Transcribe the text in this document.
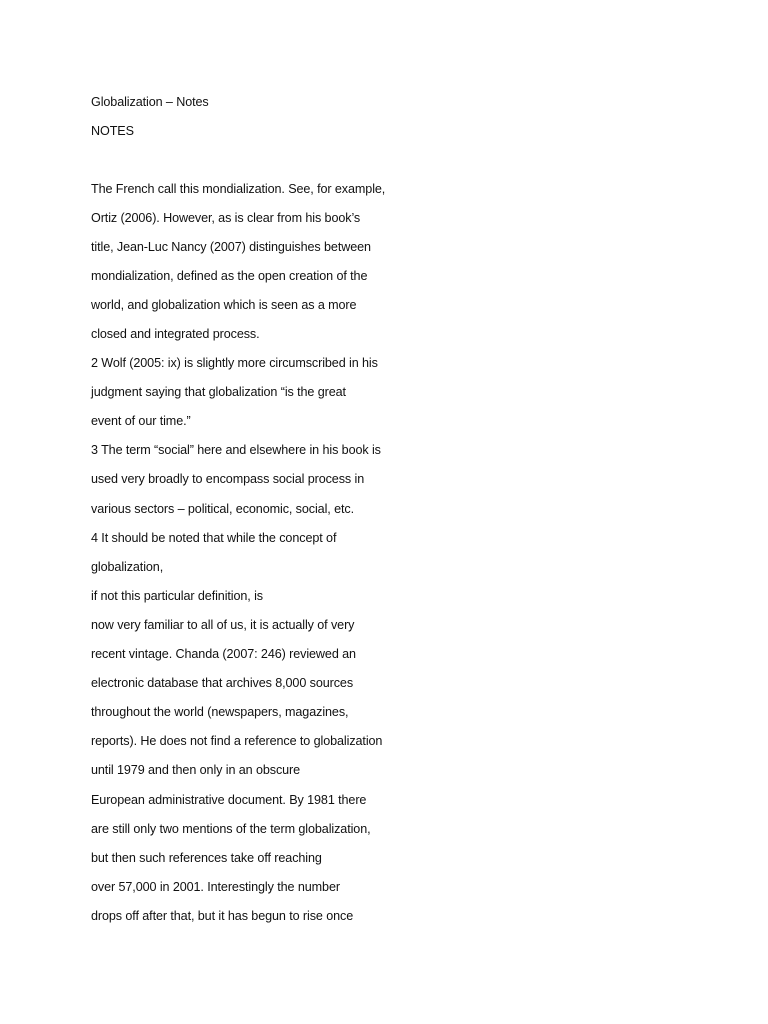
Globalization – Notes

NOTES

The French call this mondialization. See, for example,

Ortiz (2006). However, as is clear from his book’s

title, Jean-Luc Nancy (2007) distinguishes between

mondialization, defined as the open creation of the

world, and globalization which is seen as a more

closed and integrated process.

2 Wolf (2005: ix) is slightly more circumscribed in his

judgment saying that globalization “is the great

event of our time.”

3 The term “social” here and elsewhere in his book is

used very broadly to encompass social process in

various sectors – political, economic, social, etc.

4 It should be noted that while the concept of

globalization,

if not this particular definition, is

now very familiar to all of us, it is actually of very

recent vintage. Chanda (2007: 246) reviewed an

electronic database that archives 8,000 sources

throughout the world (newspapers, magazines,

reports). He does not find a reference to globalization

until 1979 and then only in an obscure

European administrative document. By 1981 there

are still only two mentions of the term globalization,

but then such references take off reaching

over 57,000 in 2001. Interestingly the number

drops off after that, but it has begun to rise once
